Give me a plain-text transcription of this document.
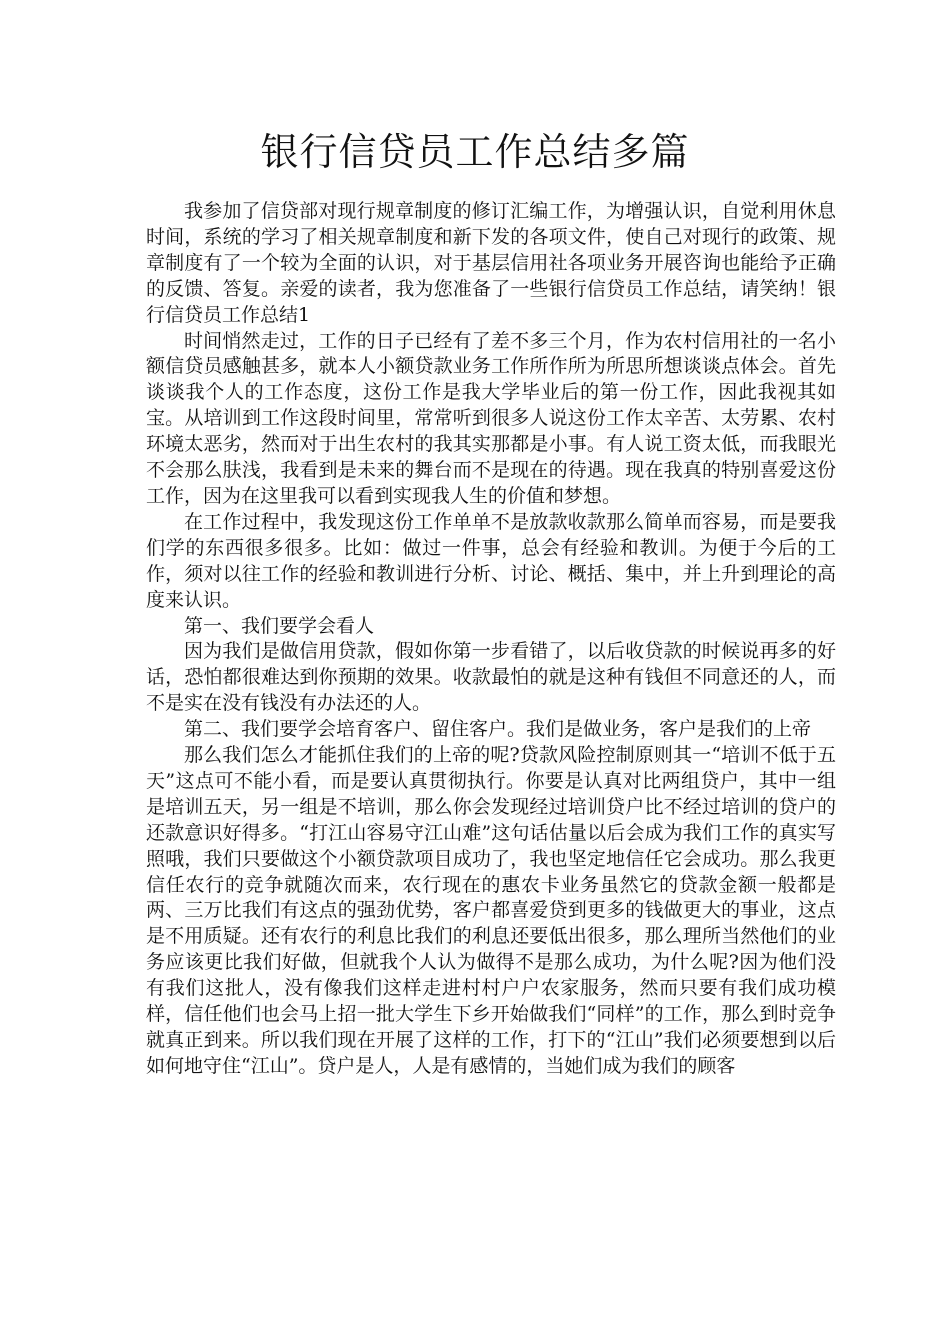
银行信贷员工作总结多篇

我参加了信贷部对现行规章制度的修订汇编工作，为增强认识，自觉利用休息时间，系统的学习了相关规章制度和新下发的各项文件，使自己对现行的政策、规章制度有了一个较为全面的认识，对于基层信用社各项业务开展咨询也能给予正确的反馈、答复。亲爱的读者，我为您准备了一些银行信贷员工作总结，请笑纳！银行信贷员工作总结1

时间悄然走过，工作的日子已经有了差不多三个月，作为农村信用社的一名小额信贷员感触甚多，就本人小额贷款业务工作所作所为所思所想谈谈点体会。首先谈谈我个人的工作态度，这份工作是我大学毕业后的第一份工作，因此我视其如宝。从培训到工作这段时间里，常常听到很多人说这份工作太辛苦、太劳累、农村环境太恶劣，然而对于出生农村的我其实那都是小事。有人说工资太低，而我眼光不会那么肤浅，我看到是未来的舞台而不是现在的待遇。现在我真的特别喜爱这份工作，因为在这里我可以看到实现我人生的价值和梦想。

在工作过程中，我发现这份工作单单不是放款收款那么简单而容易，而是要我们学的东西很多很多。比如：做过一件事，总会有经验和教训。为便于今后的工作，须对以往工作的经验和教训进行分析、讨论、概括、集中，并上升到理论的高度来认识。

第一、我们要学会看人

因为我们是做信用贷款，假如你第一步看错了，以后收贷款的时候说再多的好话，恐怕都很难达到你预期的效果。收款最怕的就是这种有钱但不同意还的人，而不是实在没有钱没有办法还的人。

第二、我们要学会培育客户、留住客户。我们是做业务，客户是我们的上帝

那么我们怎么才能抓住我们的上帝的呢?贷款风险控制原则其一“培训不低于五天”这点可不能小看，而是要认真贯彻执行。你要是认真对比两组贷户，其中一组是培训五天，另一组是不培训，那么你会发现经过培训贷户比不经过培训的贷户的还款意识好得多。“打江山容易守江山难”这句话估量以后会成为我们工作的真实写照哦，我们只要做这个小额贷款项目成功了，我也坚定地信任它会成功。那么我更信任农行的竞争就随次而来，农行现在的惠农卡业务虽然它的贷款金额一般都是两、三万比我们有这点的强劲优势，客户都喜爱贷到更多的钱做更大的事业，这点是不用质疑。还有农行的利息比我们的利息还要低出很多，那么理所当然他们的业务应该更比我们好做，但就我个人认为做得不是那么成功，为什么呢?因为他们没有我们这批人，没有像我们这样走进村村户户农家服务，然而只要有我们成功模样，信任他们也会马上招一批大学生下乡开始做我们“同样”的工作，那么到时竞争就真正到来。所以我们现在开展了这样的工作，打下的“江山”我们必须要想到以后如何地守住“江山”。贷户是人，人是有感情的，当她们成为我们的顾客
